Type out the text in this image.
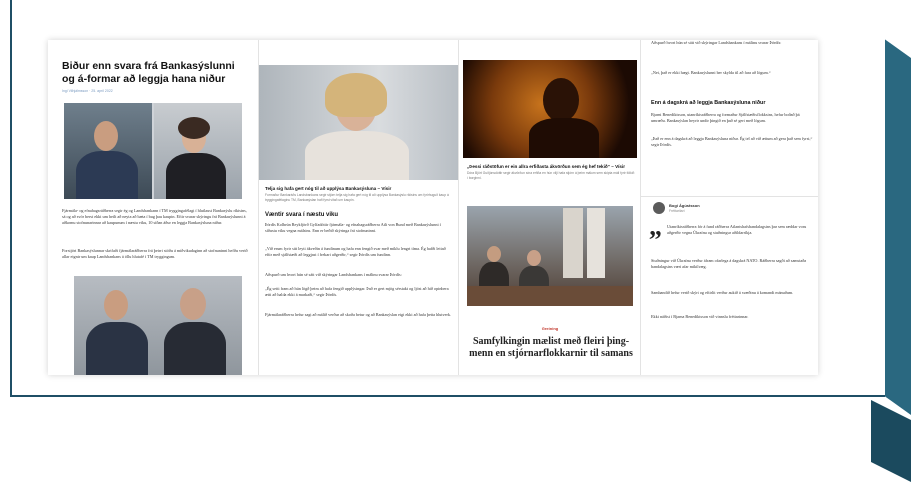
Biður enn svara frá Bankasýslunni og á-formar að leggja hana niður
Ingi Vilhjálmsson · 25. apríl 2022
Fjármála- og efnahagsráðherra segir ég og Landsbankann í TM tryggingafélagi í hlutlaust Bankasýslu ríkisins, sá og að svör berst ekki um heilt að neyta að bæta í bug þau kaupin. Eftir svarar skýringu frá Bankasýslunni á aðkomu stofnunarinnar að kaupunum í næstu viku, 10 síðan áður en leggja Bankasýsluna niður.
Forstjóri Bankasýslunnar skrifaði fjármálaráðherra frá þeirri stöðu á miðvikudaginn að stofnuninni hefðu verið allar eignir um kaup Landsbankans á öllu hlutafé í TM tryggingum.
Telja sig hafa gert nóg til að upplýsa Bankasýsluna – Vísir
Formaður Bankaráðs Landsbankans segir stjórn telja sig hafa gert nóg til að upplýsa Bankasýslu ríkisins um fyrirhuguð kaup á tryggingafélaginu TM, Bankasýslan hafi fyrst vitað um kaupin.
Væntir svara í næstu viku
Þórdís Kolbrún Reykfjörð Gylfadóttir fjármála- og efnahagsráðherra Atli von Bund með Bankasýslunni í síðustu viku vegna málsins. Enn er beðið skýringa frá stofnuninni.
„Við erum fyrir sitt leyti ákveðin á fundinum og hafa enn fengið svar með miklu lengri tíma. Ég hafði leitað eftir með sjálfstæði að leggjast í frekari aðgerðir,“ segir Þórdís um fundinn.
Aðspurð um hvort hún sé sátt við skýringar Landsbankans í málinu svarar Þórdís:
„Ég setti fram að hún lögð þeim að hafa fengið upplýsingar. Það er gert mjög sérstakt og ljóst að hið opinbera ætti að halda ekki á markaði,“ segir Þórdís.
Fjármálaráðherra hefur sagt að málið verður að skoða betur og að Bankasýslan eigi ekki að hafa þetta hlutverk.
„Þessi ráðstöfun er ein allra erfiðasta ákvörðun sem ég hef tekið“ – Vísir
Dóra Björt Guðjónsdóttir segir ákvörðun sína erfiða en hún vilji hafa stjórn á þeim málum sem skipta máli fyrir fólkið í borginni.
Greining
Samfylkingin mælist með fleiri þing-menn en stjórnarflokkarnir til samans
Aðspurð hvort hún sé sátt við skýringar Landsbankans í málinu svarar Þórdís:
„Nei, það er ekki hægt. Bankasýslunni ber skylda til að fara að lögum.“
Enn á dagskrá að leggja Bankasýsluna niður
Bjarni Benediktsson, utanríkisráðherra og formaður Sjálfstæðisflokksins, hefur boðað þá umræðu. Bankasýslan heyrir undir þingið en það sé gert með lögum.
„Það er enn á dagskrá að leggja Bankasýsluna niður. Ég tel að við ættum að gera það sem fyrst,“ segir Þórdís.
Bogi Ágústsson
Fréttaritari
„ Utanríkisráðherra fór á fund ráðherra Atlantshafsbandalagsins þar sem ræddar voru aðgerðir vegna Úkraínu og stuðningur aðildarríkja.
Stuðningur við Úkraínu verður áfram ofarlega á dagskrá NATO. Ráðherra sagði að samstaða bandalagsins væri afar mikilvæg.
Sambandið hefur verið skýrt og eftirlit verður aukið á svæðinu á komandi mánuðum.
Ekki náðist í Bjarna Benediktsson við vinnslu fréttarinnar.
